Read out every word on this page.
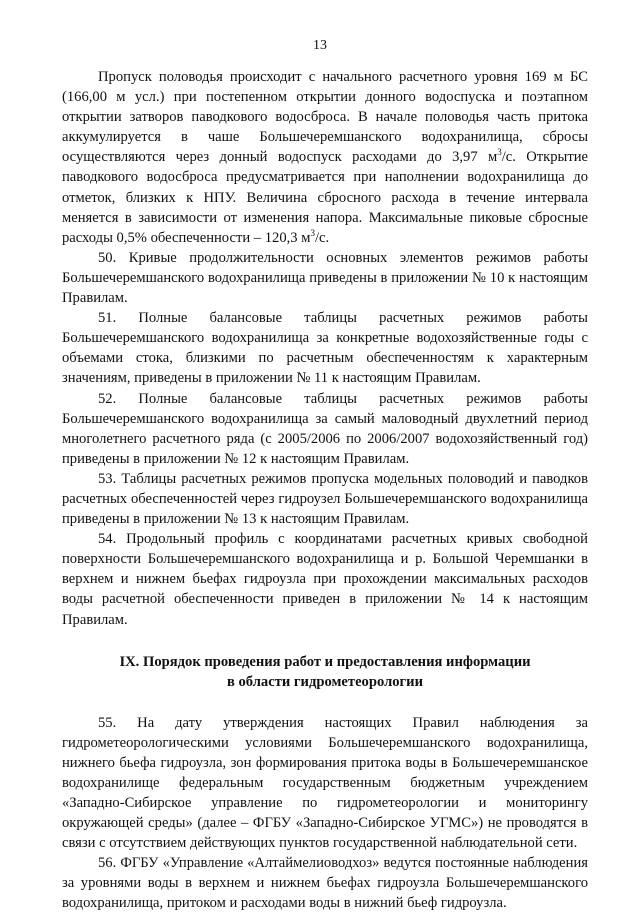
13

Пропуск половодья происходит с начального расчетного уровня 169 м БС (166,00 м усл.) при постепенном открытии донного водоспуска и поэтапном открытии затворов паводкового водосброса. В начале половодья часть притока аккумулируется в чаше Большечеремшанского водохранилища, сбросы осуществляются через донный водоспуск расходами до 3,97 $м^3/с$. Открытие паводкового водосброса предусматривается при наполнении водохранилища до отметок, близких к НПУ. Величина сбросного расхода в течение интервала меняется в зависимости от изменения напора. Максимальные пиковые сбросные расходы 0,5% обеспеченности – 120,3 $м^3/с$.

50. Кривые продолжительности основных элементов режимов работы Большечеремшанского водохранилища приведены в приложении № 10 к настоящим Правилам.

51. Полные балансовые таблицы расчетных режимов работы Большечеремшанского водохранилища за конкретные водохозяйственные годы с объемами стока, близкими по расчетным обеспеченностям к характерным значениям, приведены в приложении № 11 к настоящим Правилам.

52. Полные балансовые таблицы расчетных режимов работы Большечеремшанского водохранилища за самый маловодный двухлетний период многолетнего расчетного ряда (с 2005/2006 по 2006/2007 водохозяйственный год) приведены в приложении № 12 к настоящим Правилам.

53. Таблицы расчетных режимов пропуска модельных половодий и паводков расчетных обеспеченностей через гидроузел Большечеремшанского водохранилища приведены в приложении № 13 к настоящим Правилам.

54. Продольный профиль с координатами расчетных кривых свободной поверхности Большечеремшанского водохранилища и р. Большой Черемшанки в верхнем и нижнем бьефах гидроузла при прохождении максимальных расходов воды расчетной обеспеченности приведен в приложении № 14 к настоящим Правилам.

IX. Порядок проведения работ и предоставления информации
в области гидрометеорологии

55. На дату утверждения настоящих Правил наблюдения за гидрометеорологическими условиями Большечеремшанского водохранилища, нижнего бьефа гидроузла, зон формирования притока воды в Большечеремшанское водохранилище федеральным государственным бюджетным учреждением «Западно-Сибирское управление по гидрометеорологии и мониторингу окружающей среды» (далее – ФГБУ «Западно-Сибирское УГМС») не проводятся в связи с отсутствием действующих пунктов государственной наблюдательной сети.

56. ФГБУ «Управление «Алтаймелиоводхоз» ведутся постоянные наблюдения за уровнями воды в верхнем и нижнем бьефах гидроузла Большечеремшанского водохранилища, притоком и расходами воды в нижний бьеф гидроузла.
